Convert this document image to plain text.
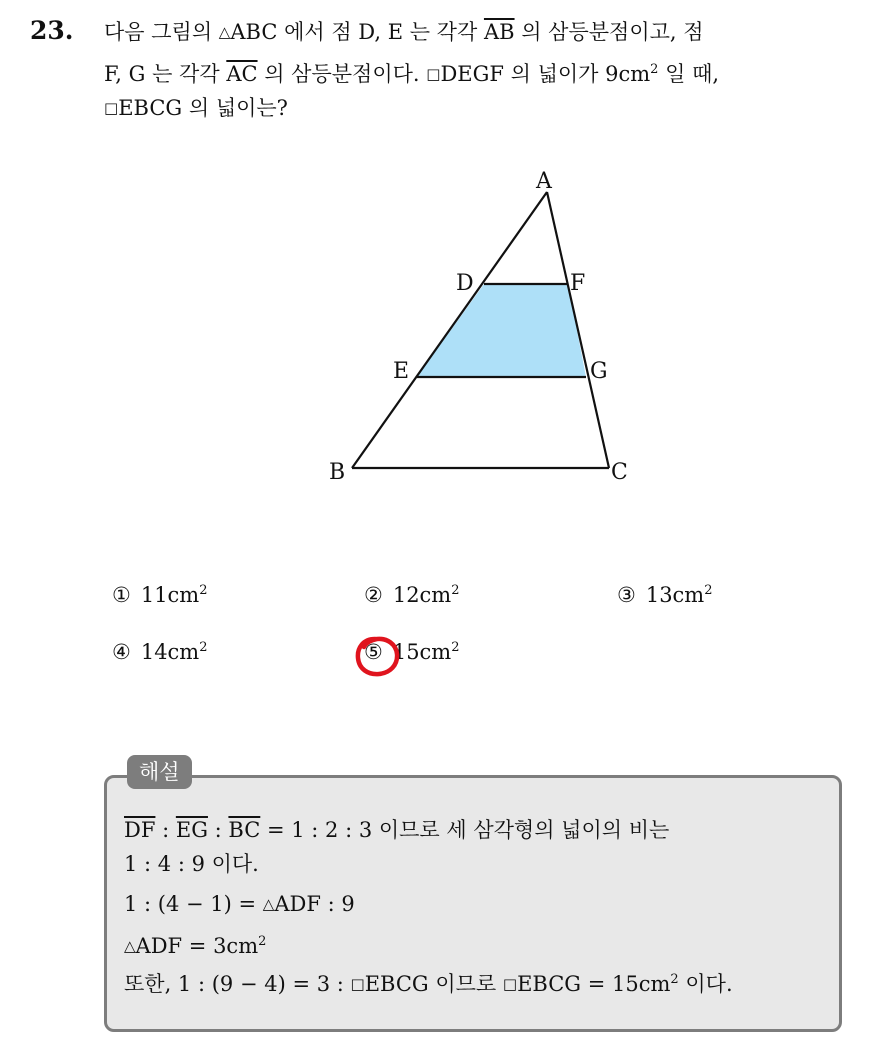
23. 다음 그림의 △ABC 에서 점 D, E 는 각각 $\overline{AB}$ 의 삼등분점이고, 점
F, G 는 각각 $\overline{AC}$ 의 삼등분점이다. □DEGF 의 넓이가 $9cm^2$ 일 때,
□EBCG 의 넓이는?
A
D	F
E	G
B	C
① $11cm^2$	② $12cm^2$	③ $13cm^2$
④ $14cm^2$	⑤ $15cm^2$
해설
$\overline{DF}$ : $\overline{EG}$ : $\overline{BC} = 1$ : 2 : 3 이므로 세 삼각형의 넓이의 비는
1 : 4 : 9 이다.
1 : (4 − 1) = △ADF : 9
△ADF = $3cm^2$
또한, 1 : (9 − 4) = 3 : □EBCG 이므로 □EBCG = $15cm^2$ 이다.
